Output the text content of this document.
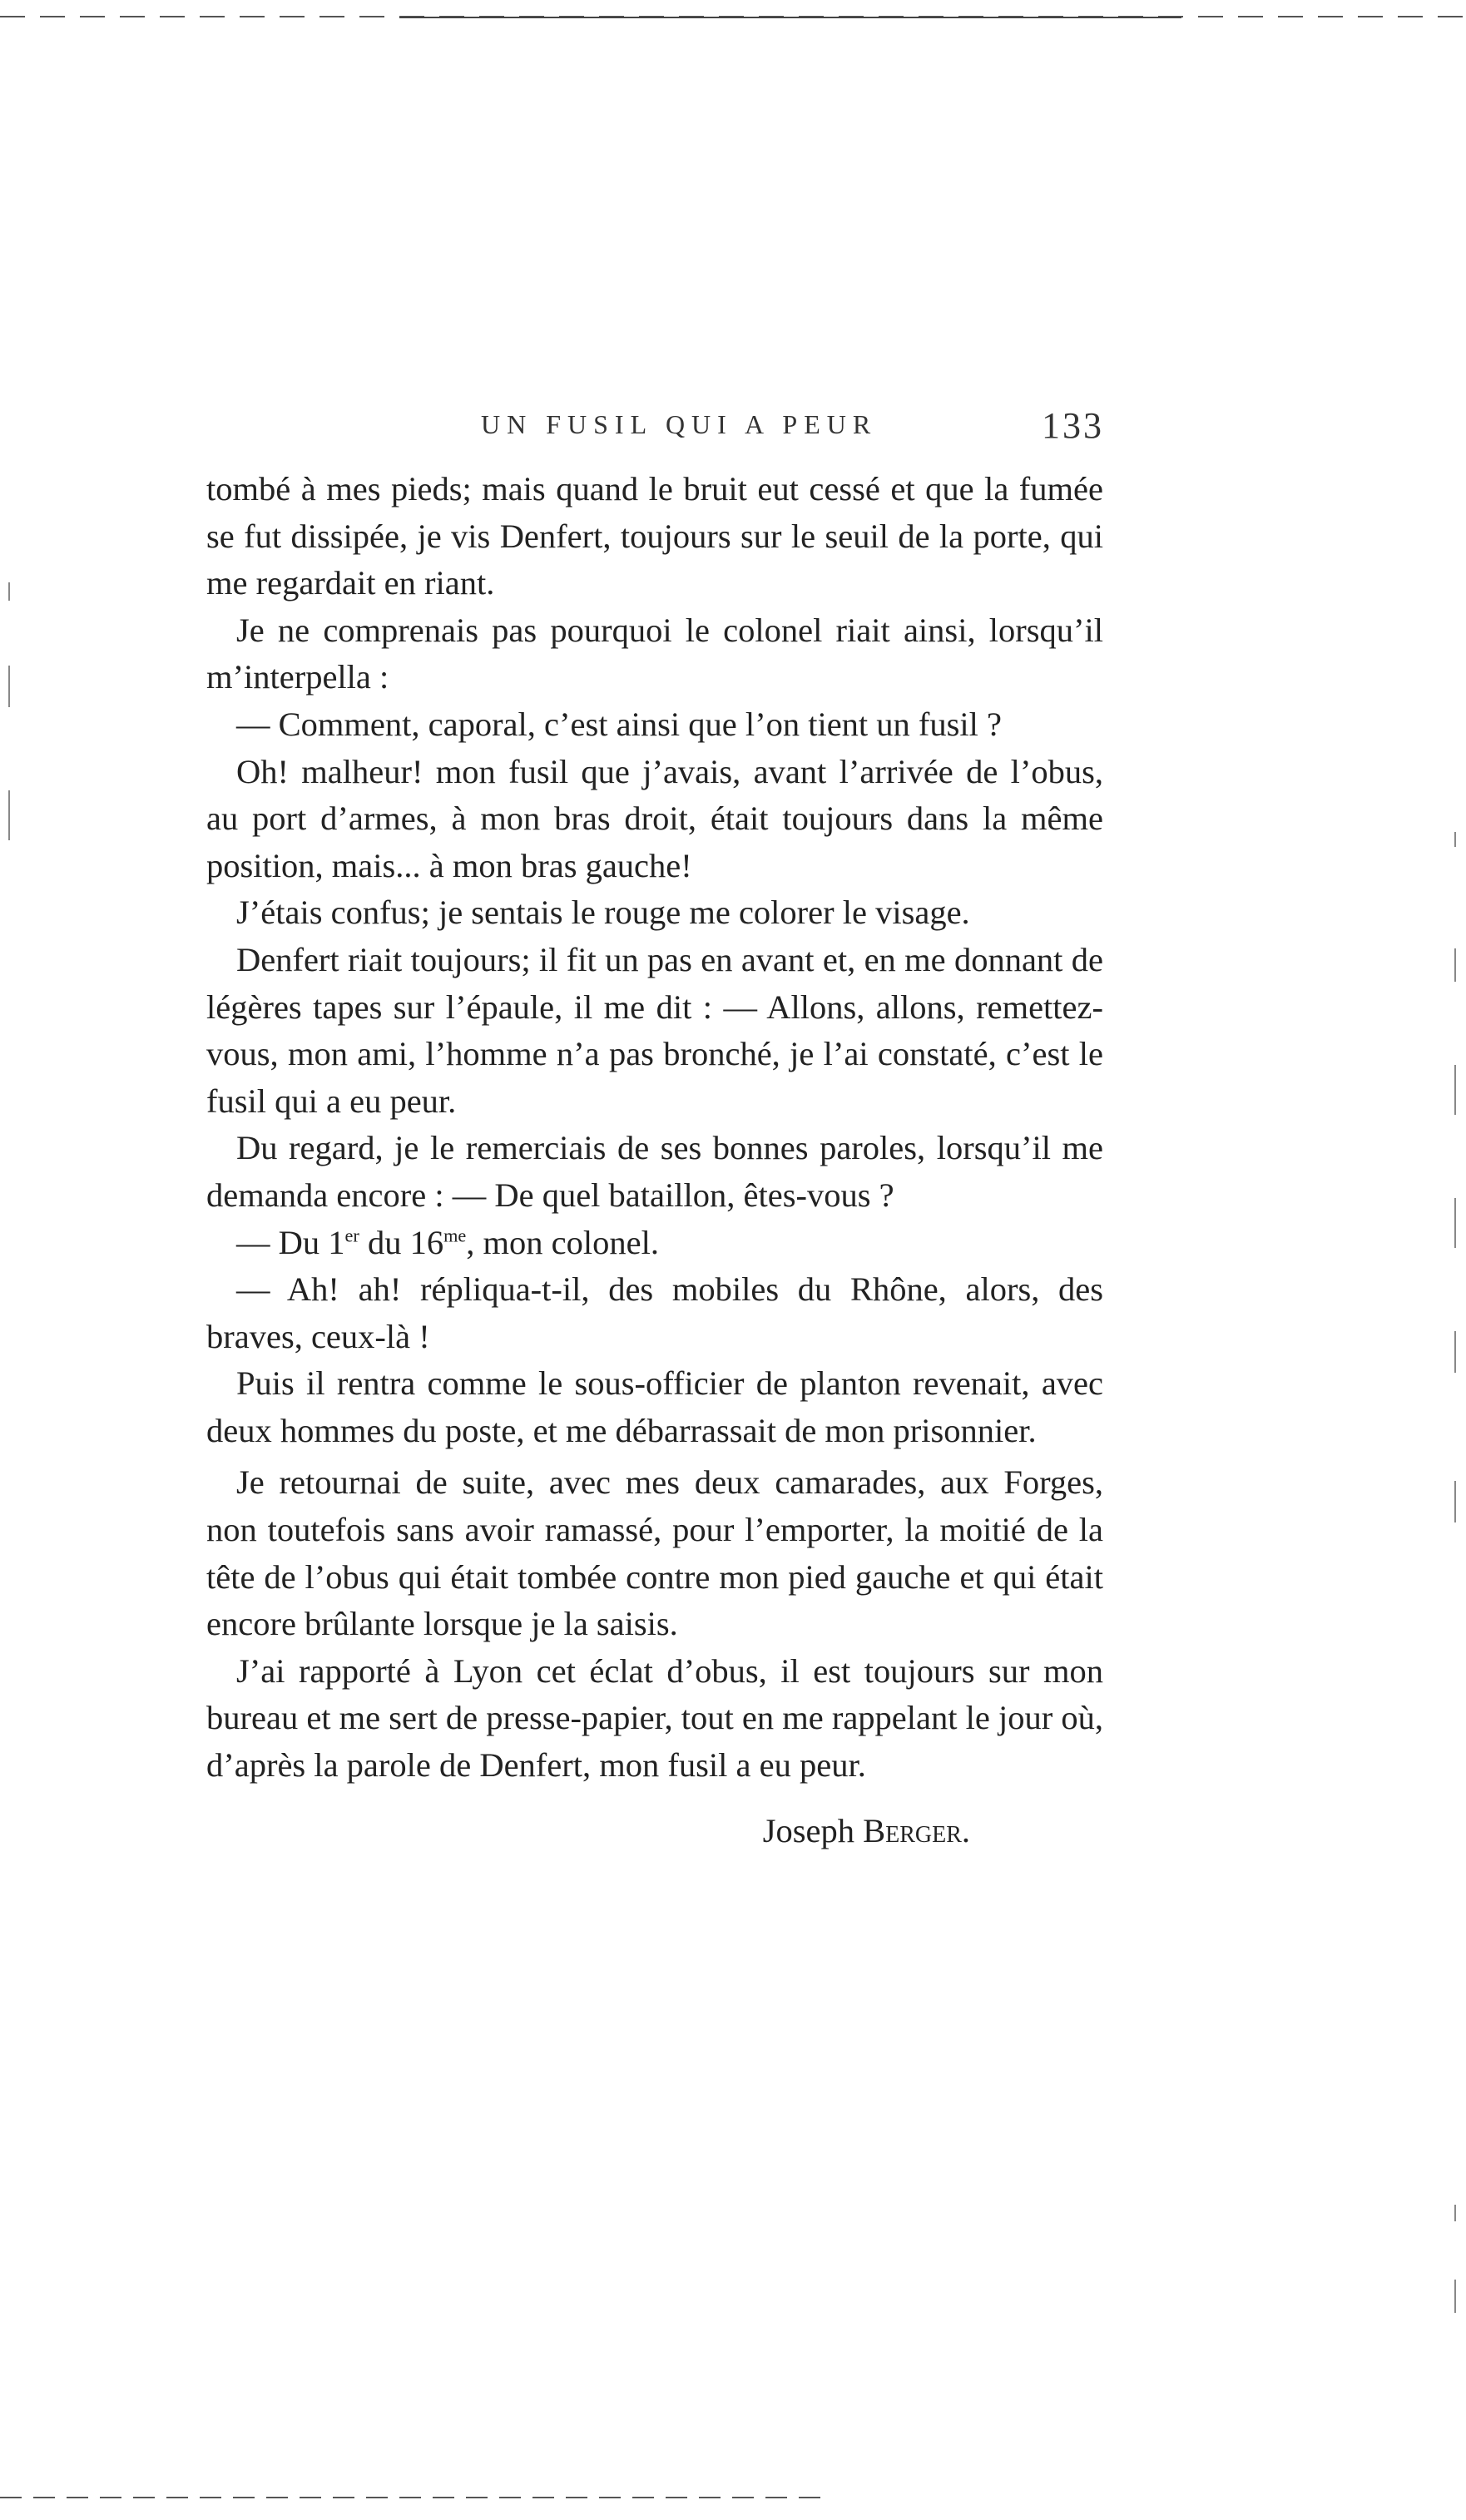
UN FUSIL QUI A PEUR	133

tombé à mes pieds; mais quand le bruit eut cessé et que la fumée se fut dissipée, je vis Denfert, toujours sur le seuil de la porte, qui me regardait en riant.

Je ne comprenais pas pourquoi le colonel riait ainsi, lorsqu’il m’interpella :

— Comment, caporal, c’est ainsi que l’on tient un fusil ?

Oh! malheur! mon fusil que j’avais, avant l’arrivée de l’obus, au port d’armes, à mon bras droit, était toujours dans la même position, mais... à mon bras gauche!

J’étais confus; je sentais le rouge me colorer le visage.

Denfert riait toujours; il fit un pas en avant et, en me donnant de légères tapes sur l’épaule, il me dit : — Allons, allons, remettez-vous, mon ami, l’homme n’a pas bronché, je l’ai constaté, c’est le fusil qui a eu peur.

Du regard, je le remerciais de ses bonnes paroles, lorsqu’il me demanda encore : — De quel bataillon, êtes-vous ?

— Du 1er du $16^{me}$, mon colonel.

— Ah! ah! répliqua-t-il, des mobiles du Rhône, alors, des braves, ceux-là !

Puis il rentra comme le sous-officier de planton revenait, avec deux hommes du poste, et me débarrassait de mon prisonnier.

Je retournai de suite, avec mes deux camarades, aux Forges, non toutefois sans avoir ramassé, pour l’emporter, la moitié de la tête de l’obus qui était tombée contre mon pied gauche et qui était encore brûlante lorsque je la saisis.

J’ai rapporté à Lyon cet éclat d’obus, il est toujours sur mon bureau et me sert de presse-papier, tout en me rappelant le jour où, d’après la parole de Denfert, mon fusil a eu peur.

Joseph Berger.
